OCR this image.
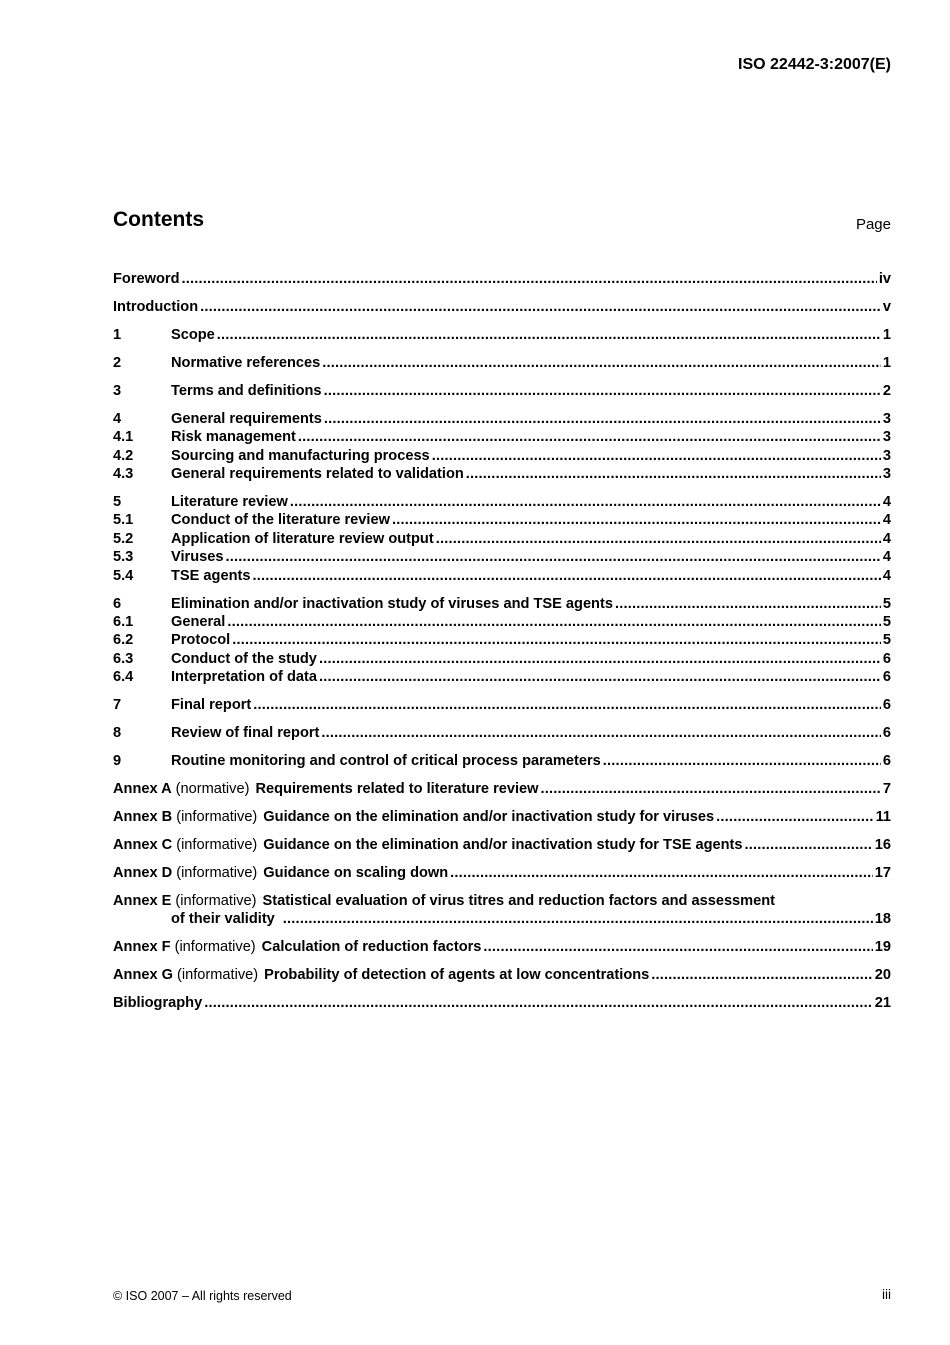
ISO 22442-3:2007(E)
Contents	Page
Foreword .....	iv
Introduction .....	v
1	Scope .....	1
2	Normative references .....	1
3	Terms and definitions .....	2
4	General requirements .....	3
4.1	Risk management .....	3
4.2	Sourcing and manufacturing process .....	3
4.3	General requirements related to validation .....	3
5	Literature review .....	4
5.1	Conduct of the literature review .....	4
5.2	Application of literature review output .....	4
5.3	Viruses .....	4
5.4	TSE agents .....	4
6	Elimination and/or inactivation study of viruses and TSE agents .....	5
6.1	General .....	5
6.2	Protocol .....	5
6.3	Conduct of the study .....	6
6.4	Interpretation of data .....	6
7	Final report .....	6
8	Review of final report .....	6
9	Routine monitoring and control of critical process parameters .....	6
Annex A (normative) Requirements related to literature review .....	7
Annex B (informative) Guidance on the elimination and/or inactivation study for viruses .....	11
Annex C (informative) Guidance on the elimination and/or inactivation study for TSE agents .....	16
Annex D (informative) Guidance on scaling down .....	17
Annex E (informative) Statistical evaluation of virus titres and reduction factors and assessment
of their validity .....	18
Annex F (informative) Calculation of reduction factors .....	19
Annex G (informative) Probability of detection of agents at low concentrations .....	20
Bibliography .....	21
© ISO 2007 – All rights reserved	iii
